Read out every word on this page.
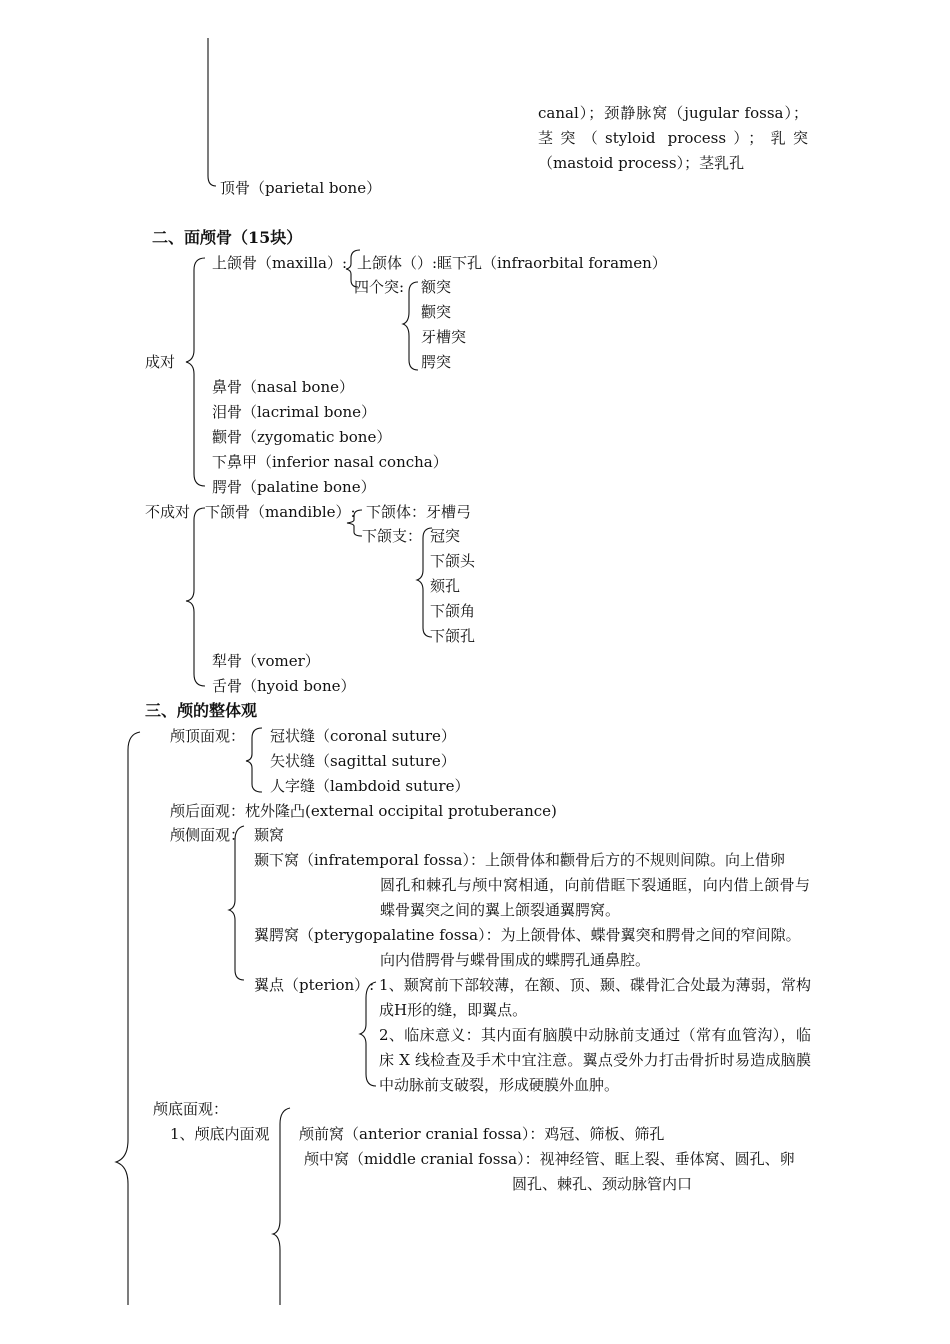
canal）；颈静脉窝（jugular fossa）；茎突（styloid process）；乳突（mastoid process）；茎乳孔
顶骨（parietal bone）
二、面颅骨（15块）
成对
上颌骨（maxilla）: 上颌体（）:眶下孔（infraorbital foramen）
四个突: 额突
颧突
牙槽突
腭突
鼻骨（nasal bone）
泪骨（lacrimal bone）
颧骨（zygomatic bone）
下鼻甲（inferior nasal concha）
腭骨（palatine bone）
不成对 下颌骨（mandible）: 下颌体：牙槽弓
下颌支： 冠突
下颌头
颏孔
下颌角
下颌孔
犁骨（vomer）
舌骨（hyoid bone）
三、颅的整体观
颅顶面观： 冠状缝（coronal suture）
矢状缝（sagittal suture）
人字缝（lambdoid suture）
颅后面观：枕外隆凸(external occipital protuberance)
颅侧面观： 颞窝
颞下窝（infratemporal fossa）：上颌骨体和颧骨后方的不规则间隙。向上借卵
圆孔和棘孔与颅中窝相通，向前借眶下裂通眶，向内借上颌骨与蝶骨翼突之间的翼上颌裂通翼腭窝。
翼腭窝（pterygopalatine fossa）：为上颌骨体、蝶骨翼突和腭骨之间的窄间隙。
向内借腭骨与蝶骨围成的蝶腭孔通鼻腔。
翼点（pterion）: 1、颞窝前下部较薄，在额、顶、颞、碟骨汇合处最为薄弱，常构成H形的缝，即翼点。
2、临床意义：其内面有脑膜中动脉前支通过（常有血管沟），临床 X 线检查及手术中宜注意。翼点受外力打击骨折时易造成脑膜中动脉前支破裂，形成硬膜外血肿。
颅底面观：
1、颅底内面观 颅前窝（anterior cranial fossa）：鸡冠、筛板、筛孔
颅中窝（middle cranial fossa）：视神经管、眶上裂、垂体窝、圆孔、卵
圆孔、棘孔、颈动脉管内口
